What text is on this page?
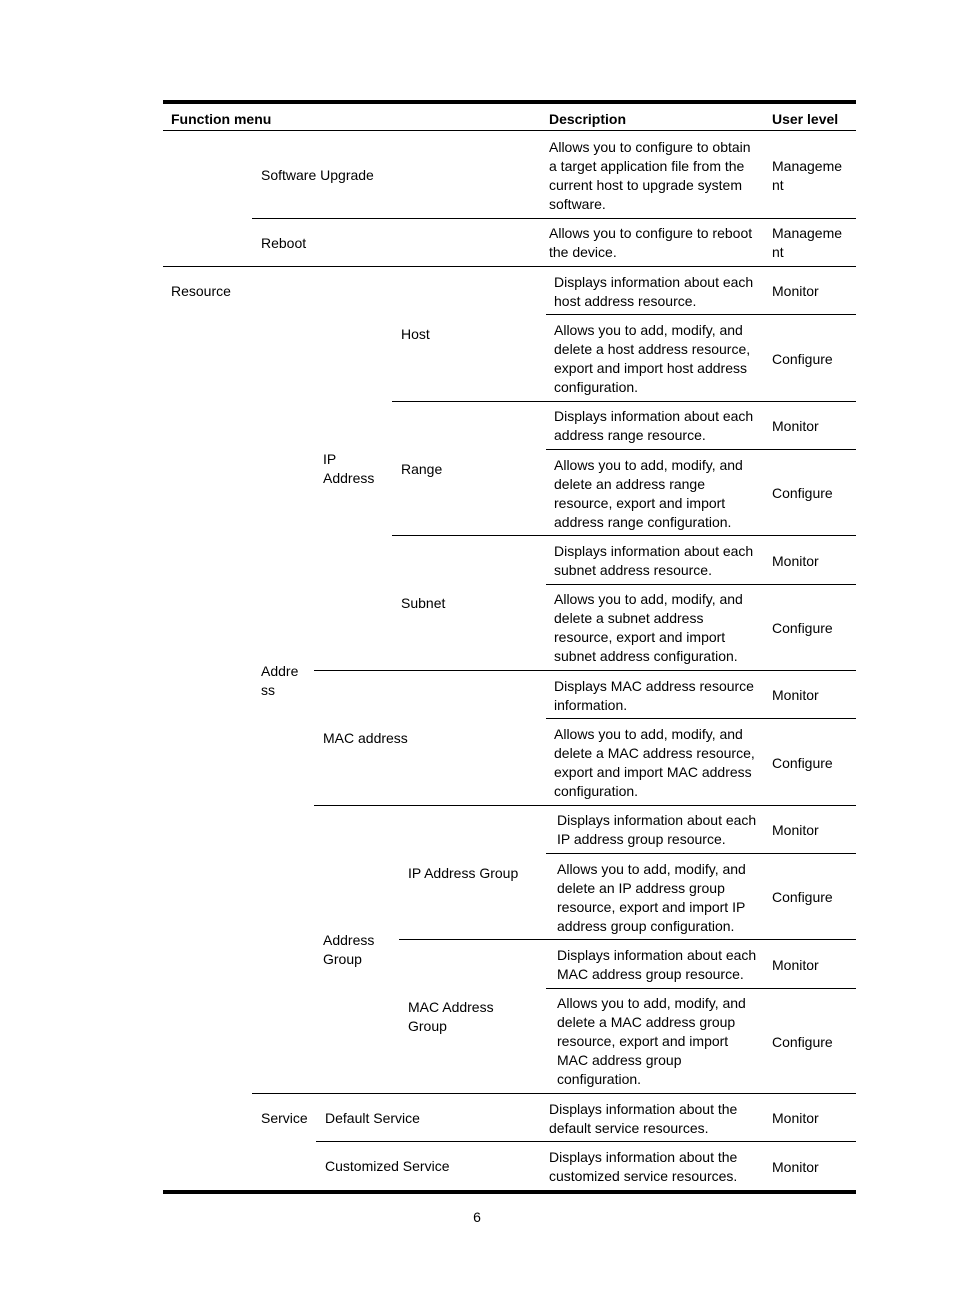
Function menu	Description	User level
Software Upgrade
Allows you to configure to obtain
a target application file from the
current host to upgrade system
software.
Manageme
nt
Reboot
Allows you to configure to reboot
the device.
Manageme
nt
Resource
Addre
ss
IP
Address
Host
Displays information about each
host address resource.
Monitor
Allows you to add, modify, and
delete a host address resource,
export and import host address
configuration.
Configure
Range
Displays information about each
address range resource.
Monitor
Allows you to add, modify, and
delete an address range
resource, export and import
address range configuration.
Configure
Subnet
Displays information about each
subnet address resource.
Monitor
Allows you to add, modify, and
delete a subnet address
resource, export and import
subnet address configuration.
Configure
MAC address
Displays MAC address resource
information.
Monitor
Allows you to add, modify, and
delete a MAC address resource,
export and import MAC address
configuration.
Configure
Address
Group
IP Address Group
Displays information about each
IP address group resource.
Monitor
Allows you to add, modify, and
delete an IP address group
resource, export and import IP
address group configuration.
Configure
MAC Address
Group
Displays information about each
MAC address group resource.
Monitor
Allows you to add, modify, and
delete a MAC address group
resource, export and import
MAC address group
configuration.
Configure
Service Default Service
Displays information about the
default service resources.
Monitor
Customized Service
Displays information about the
customized service resources.
Monitor
6
